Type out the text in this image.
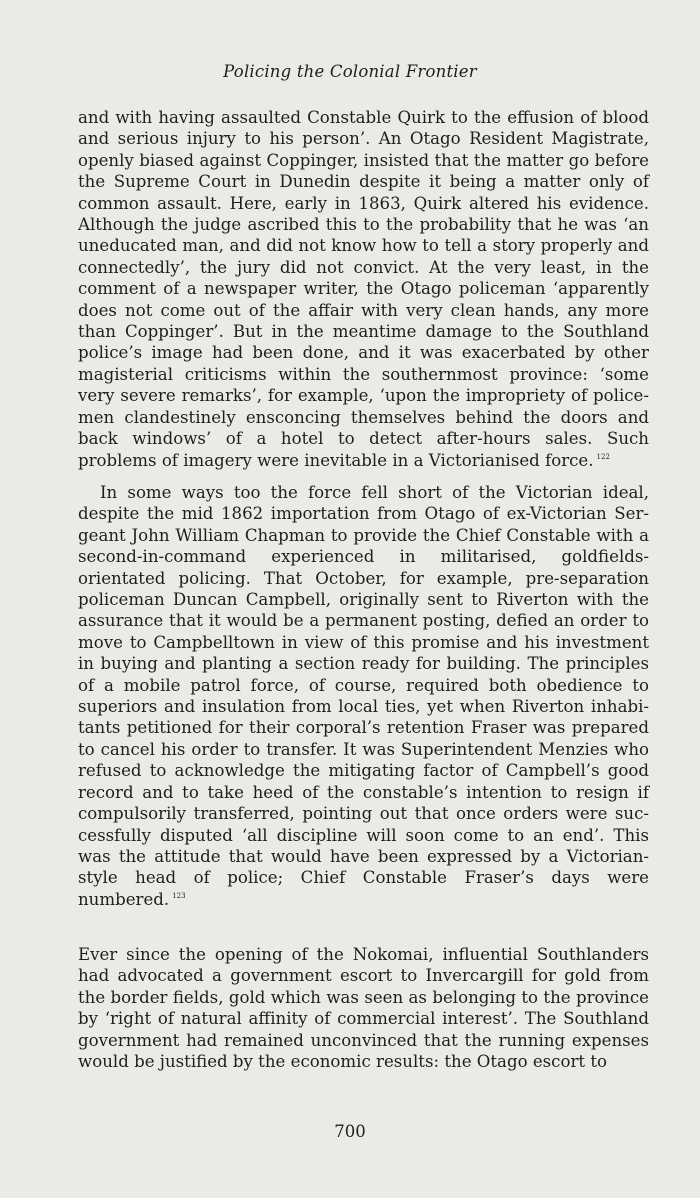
Policing the Colonial Frontier

and with having assaulted Constable Quirk to the effusion of blood and serious injury to his person’. An Otago Resident Magistrate, openly biased against Coppinger, insisted that the matter go before the Supreme Court in Dunedin despite it being a matter only of common assault. Here, early in 1863, Quirk altered his evidence. Although the judge ascribed this to the probability that he was ‘an uneducated man, and did not know how to tell a story properly and connectedly’, the jury did not convict. At the very least, in the comment of a newspaper writer, the Otago policeman ‘apparently does not come out of the affair with very clean hands, any more than Coppinger’. But in the meantime damage to the Southland police’s image had been done, and it was exacerbated by other magisterial criticisms within the southernmost province: ‘some very severe remarks’, for example, ‘upon the impropriety of policemen clandestinely ensconcing themselves behind the doors and back windows’ of a hotel to detect after-hours sales. Such problems of imagery were inevitable in a Victorianised force. $^{122}$

In some ways too the force fell short of the Victorian ideal, despite the mid 1862 importation from Otago of ex-Victorian Sergeant John William Chapman to provide the Chief Constable with a second-in-command experienced in militarised, goldfields-orientated policing. That October, for example, pre-separation policeman Duncan Campbell, originally sent to Riverton with the assurance that it would be a permanent posting, defied an order to move to Campbelltown in view of this promise and his investment in buying and planting a section ready for building. The principles of a mobile patrol force, of course, required both obedience to superiors and insulation from local ties, yet when Riverton inhabitants petitioned for their corporal’s retention Fraser was prepared to cancel his order to transfer. It was Superintendent Menzies who refused to acknowledge the mitigating factor of Campbell’s good record and to take heed of the constable’s intention to resign if compulsorily transferred, pointing out that once orders were successfully disputed ‘all discipline will soon come to an end’. This was the attitude that would have been expressed by a Victorian-style head of police; Chief Constable Fraser’s days were numbered. $^{123}$

Ever since the opening of the Nokomai, influential Southlanders had advocated a government escort to Invercargill for gold from the border fields, gold which was seen as belonging to the province by ‘right of natural affinity of commercial interest’. The Southland government had remained unconvinced that the running expenses would be justified by the economic results: the Otago escort to

700
